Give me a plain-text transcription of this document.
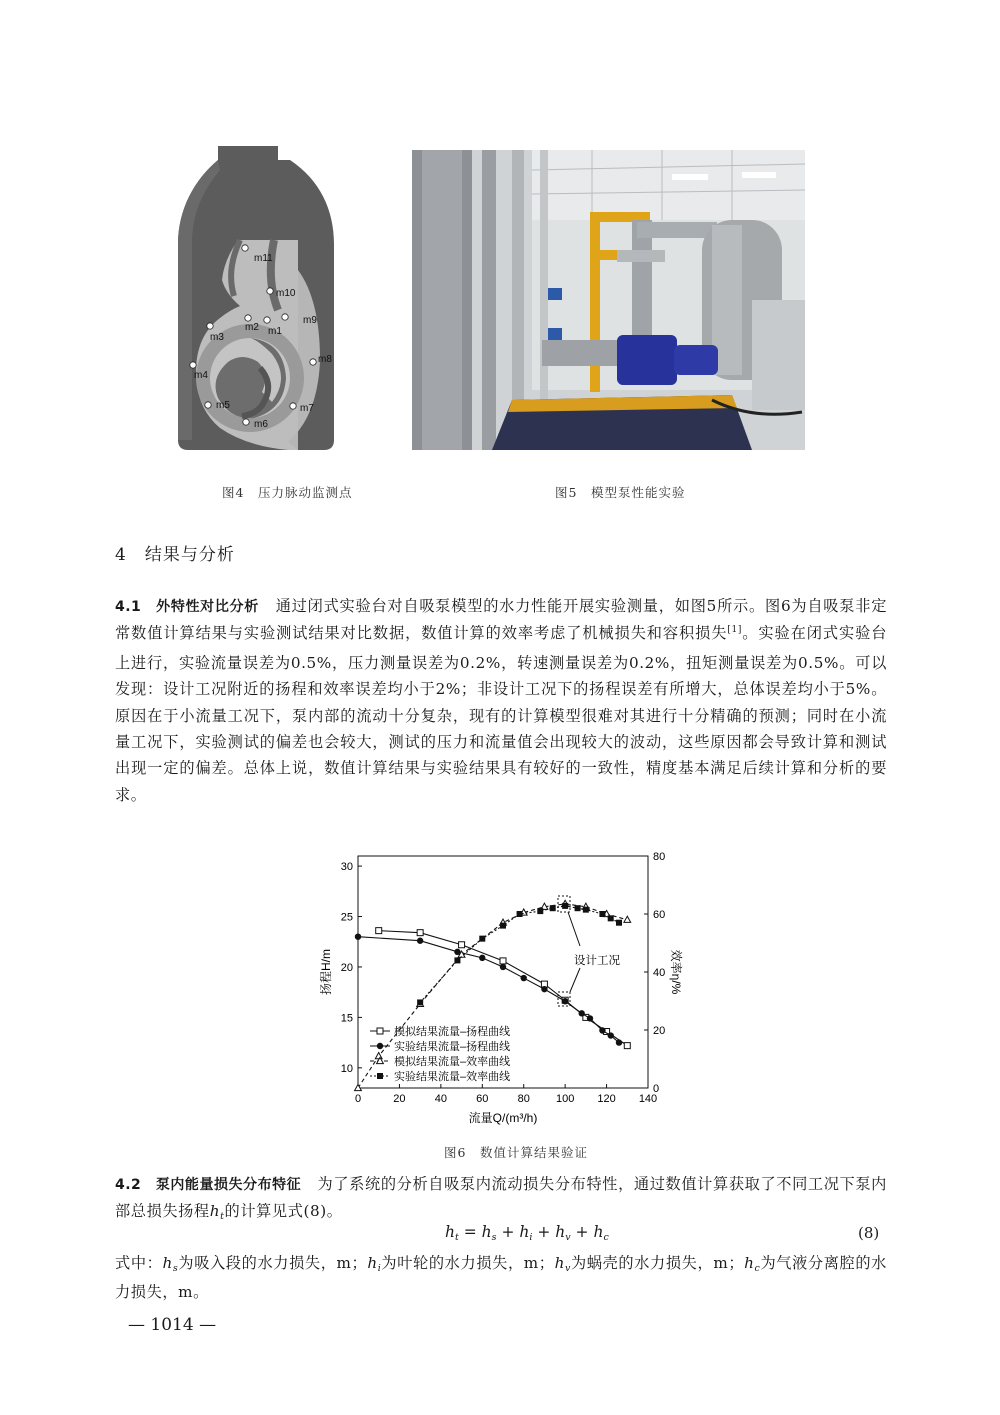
m11
m10
m9
m1
m2
m3
m4
m5
m6
m7
m8
图4　压力脉动监测点	图5　模型泵性能实验
4　结果与分析
4.1　外特性对比分析 通过闭式实验台对自吸泵模型的水力性能开展实验测量，如图5所示。图6为自吸泵非定常数值计算结果与实验测试结果对比数据，数值计算的效率考虑了机械损失和容积损失[1]。实验在闭式实验台上进行，实验流量误差为0.5%，压力测量误差为0.2%，转速测量误差为0.2%，扭矩测量误差为0.5%。可以发现：设计工况附近的扬程和效率误差均小于2%；非设计工况下的扬程误差有所增大，总体误差均小于5%。原因在于小流量工况下，泵内部的流动十分复杂，现有的计算模型很难对其进行十分精确的预测；同时在小流量工况下，实验测试的偏差也会较大，测试的压力和流量值会出现较大的波动，这些原因都会导致计算和测试出现一定的偏差。总体上说，数值计算结果与实验结果具有较好的一致性，精度基本满足后续计算和分析的要求。
0	20	40	60	80 100 120 140
10
15
20
25
30
0
20
40
60
80
模拟结果流量–扬程曲线
实验结果流量–扬程曲线
模拟结果流量–效率曲线
实验结果流量–效率曲线
设计工况
流量Q/(m³/h)
扬程H/m	效率η/%
图6　数值计算结果验证
4.2　泵内能量损失分布特征 为了系统的分析自吸泵内流动损失分布特性，通过数值计算获取了不同工况下泵内部总损失扬程ht的计算见式(8)。
ht = hs + hi + hv + hc	(8)
式中：hs为吸入段的水力损失，m；hi为叶轮的水力损失，m；hv为蜗壳的水力损失，m；hc为气液分离腔的水力损失，m。
— 1014 —
